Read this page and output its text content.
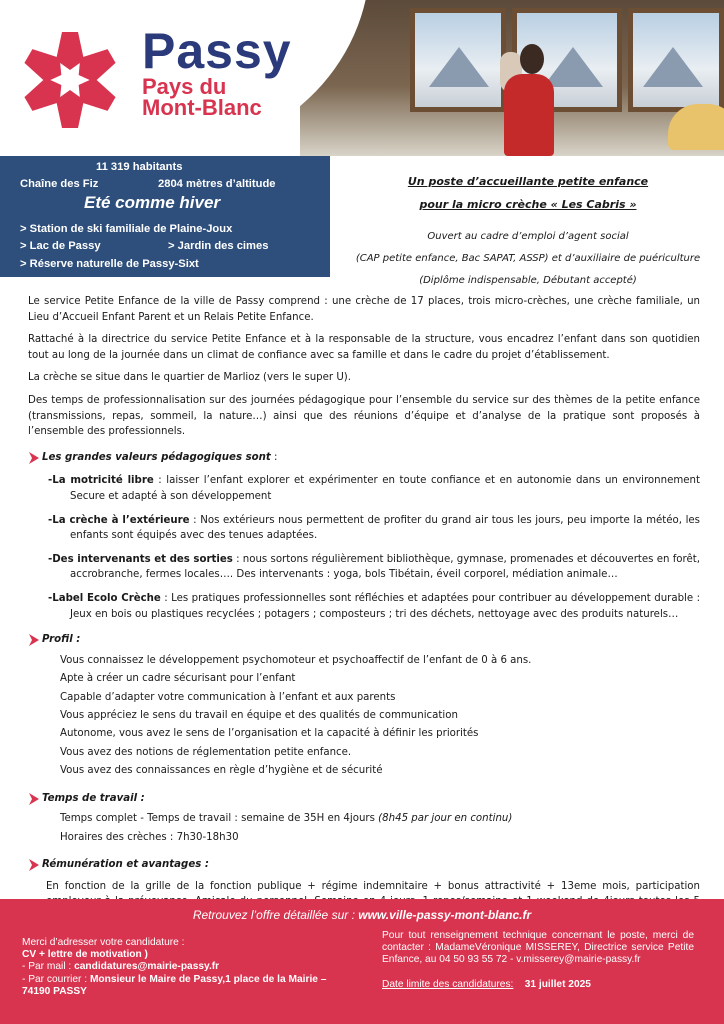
Passy
Pays du
Mont-Blanc
11 319 habitants
Chaîne des Fiz	2804 mètres d’altitude
Eté comme hiver
> Station de ski familiale de Plaine-Joux
> Lac de Passy	> Jardin des cimes
> Réserve naturelle de Passy-Sixt
Un poste d’accueillante petite enfance
pour la micro crèche « Les Cabris »
Ouvert au cadre d’emploi d’agent social
(CAP petite enfance, Bac SAPAT, ASSP) et d’auxiliaire de puériculture
(Diplôme indispensable, Débutant accepté)

Le service Petite Enfance de la ville de Passy comprend : une crèche de 17 places, trois micro-crèches, une crèche familiale, un Lieu d’Accueil Enfant Parent et un Relais Petite Enfance.

Rattaché à la directrice du service Petite Enfance et à la responsable de la structure, vous encadrez l’enfant dans son quotidien tout au long de la journée dans un climat de confiance avec sa famille et dans le cadre du projet d’établissement.

La crèche se situe dans le quartier de Marlioz (vers le super U).

Des temps de professionnalisation sur des journées pédagogique pour l’ensemble du service sur des thèmes de la petite enfance (transmissions, repas, sommeil, la nature…) ainsi que des réunions d’équipe et d’analyse de la pratique sont proposés à l’ensemble des professionnels.

Les grandes valeurs pédagogiques sont :
-La motricité libre : laisser l’enfant explorer et expérimenter en toute confiance et en autonomie dans un environnement Secure et adapté à son développement
-La crèche à l’extérieure : Nos extérieurs nous permettent de profiter du grand air tous les jours, peu importe la météo, les enfants sont équipés avec des tenues adaptées.
-Des intervenants et des sorties : nous sortons régulièrement bibliothèque, gymnase, promenades et découvertes en forêt, accrobranche, fermes locales…. Des intervenants : yoga, bols Tibétain, éveil corporel, médiation animale…
-Label Ecolo Crèche : Les pratiques professionnelles sont réfléchies et adaptées pour contribuer au développement durable : Jeux en bois ou plastiques recyclées ; potagers ; composteurs ; tri des déchets, nettoyage avec des produits naturels…
Profil :
Vous connaissez le développement psychomoteur et psychoaffectif de l’enfant de 0 à 6 ans.
Apte à créer un cadre sécurisant pour l’enfant
Capable d’adapter votre communication à l’enfant et aux parents
Vous appréciez le sens du travail en équipe et des qualités de communication
Autonome, vous avez le sens de l’organisation et la capacité à définir les priorités
Vous avez des notions de réglementation petite enfance.
Vous avez des connaissances en règle d’hygiène et de sécurité
Temps de travail :
Temps complet - Temps de travail : semaine de 35H en 4jours (8h45 par jour en continu)
Horaires des crèches : 7h30-18h30
Rémunération et avantages :

En fonction de la grille de la fonction publique + régime indemnitaire + bonus attractivité + 13eme mois, participation

Retrouvez l’offre détaillée sur : www.ville-passy-mont-blanc.fr
Merci d’adresser votre candidature :
CV + lettre de motivation )
- Par mail : candidatures@mairie-passy.fr
- Par courrier : Monsieur le Maire de Passy,1 place de la Mairie – 74190 PASSY
Pour tout renseignement technique concernant le poste, merci de contacter : MadameVéronique MISSEREY, Directrice service Petite Enfance, au 04 50 93 55 72 - v.misserey@mairie-passy.fr
Date limite des candidatures: 31 juillet 2025
